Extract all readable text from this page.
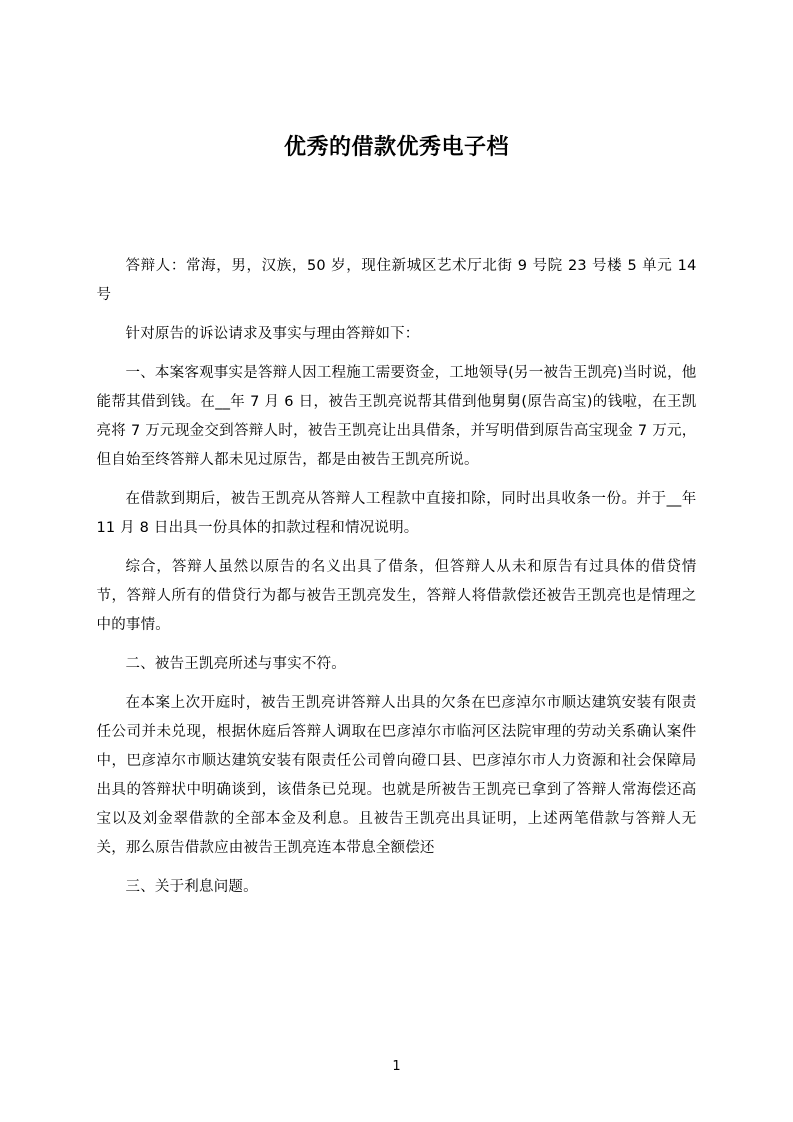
优秀的借款优秀电子档

答辩人：常海，男，汉族，50 岁，现住新城区艺术厅北街 9 号院 23 号楼 5 单元 14 号

针对原告的诉讼请求及事实与理由答辩如下：

一、本案客观事实是答辩人因工程施工需要资金，工地领导(另一被告王凯亮)当时说，他能帮其借到钱。在__年 7 月 6 日，被告王凯亮说帮其借到他舅舅(原告高宝)的钱啦，在王凯亮将 7 万元现金交到答辩人时，被告王凯亮让出具借条，并写明借到原告高宝现金 7 万元，但自始至终答辩人都未见过原告，都是由被告王凯亮所说。

在借款到期后，被告王凯亮从答辩人工程款中直接扣除，同时出具收条一份。并于__年 11 月 8 日出具一份具体的扣款过程和情况说明。

综合，答辩人虽然以原告的名义出具了借条，但答辩人从未和原告有过具体的借贷情节，答辩人所有的借贷行为都与被告王凯亮发生，答辩人将借款偿还被告王凯亮也是情理之中的事情。

二、被告王凯亮所述与事实不符。

在本案上次开庭时，被告王凯亮讲答辩人出具的欠条在巴彦淖尔市顺达建筑安装有限责任公司并未兑现，根据休庭后答辩人调取在巴彦淖尔市临河区法院审理的劳动关系确认案件中，巴彦淖尔市顺达建筑安装有限责任公司曾向磴口县、巴彦淖尔市人力资源和社会保障局出具的答辩状中明确谈到，该借条已兑现。也就是所被告王凯亮已拿到了答辩人常海偿还高宝以及刘金翠借款的全部本金及利息。且被告王凯亮出具证明，上述两笔借款与答辩人无关，那么原告借款应由被告王凯亮连本带息全额偿还

三、关于利息问题。

1
